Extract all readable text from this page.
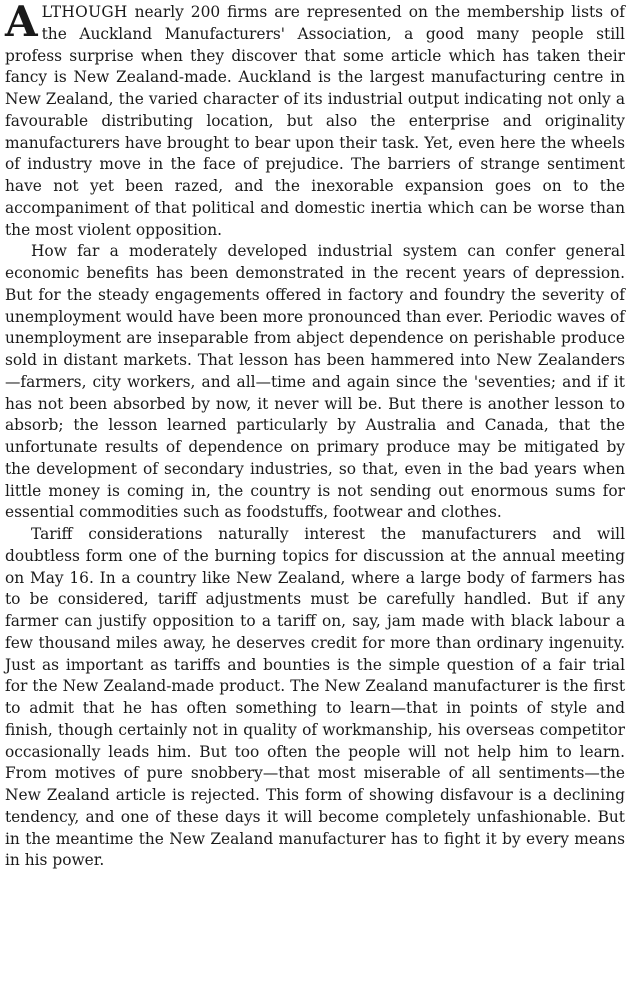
ALTHOUGH nearly 200 firms are represented on the membership lists of the Auckland Manufacturers' Association, a good many people still profess surprise when they discover that some article which has taken their fancy is New Zealand-made. Auckland is the largest manufacturing centre in New Zealand, the varied character of its industrial output indicating not only a favourable distributing location, but also the enterprise and originality manufacturers have brought to bear upon their task. Yet, even here the wheels of industry move in the face of prejudice. The barriers of strange sentiment have not yet been razed, and the inexorable expansion goes on to the accompaniment of that political and domestic inertia which can be worse than the most violent opposition.

How far a moderately developed industrial system can confer general economic benefits has been demonstrated in the recent years of depression. But for the steady engagements offered in factory and foundry the severity of unemployment would have been more pronounced than ever. Periodic waves of unemployment are inseparable from abject dependence on perishable produce sold in distant markets. That lesson has been hammered into New Zealanders—farmers, city workers, and all—time and again since the 'seventies; and if it has not been absorbed by now, it never will be. But there is another lesson to absorb; the lesson learned particularly by Australia and Canada, that the unfortunate results of dependence on primary produce may be mitigated by the development of secondary industries, so that, even in the bad years when little money is coming in, the country is not sending out enormous sums for essential commodities such as foodstuffs, footwear and clothes.

Tariff considerations naturally interest the manufacturers and will doubtless form one of the burning topics for discussion at the annual meeting on May 16. In a country like New Zealand, where a large body of farmers has to be considered, tariff adjustments must be carefully handled. But if any farmer can justify opposition to a tariff on, say, jam made with black labour a few thousand miles away, he deserves credit for more than ordinary ingenuity. Just as important as tariffs and bounties is the simple question of a fair trial for the New Zealand-made product. The New Zealand manufacturer is the first to admit that he has often something to learn—that in points of style and finish, though certainly not in quality of workmanship, his overseas competitor occasionally leads him. But too often the people will not help him to learn. From motives of pure snobbery—that most miserable of all sentiments—the New Zealand article is rejected. This form of showing disfavour is a declining tendency, and one of these days it will become completely unfashionable. But in the meantime the New Zealand manufacturer has to fight it by every means in his power.
